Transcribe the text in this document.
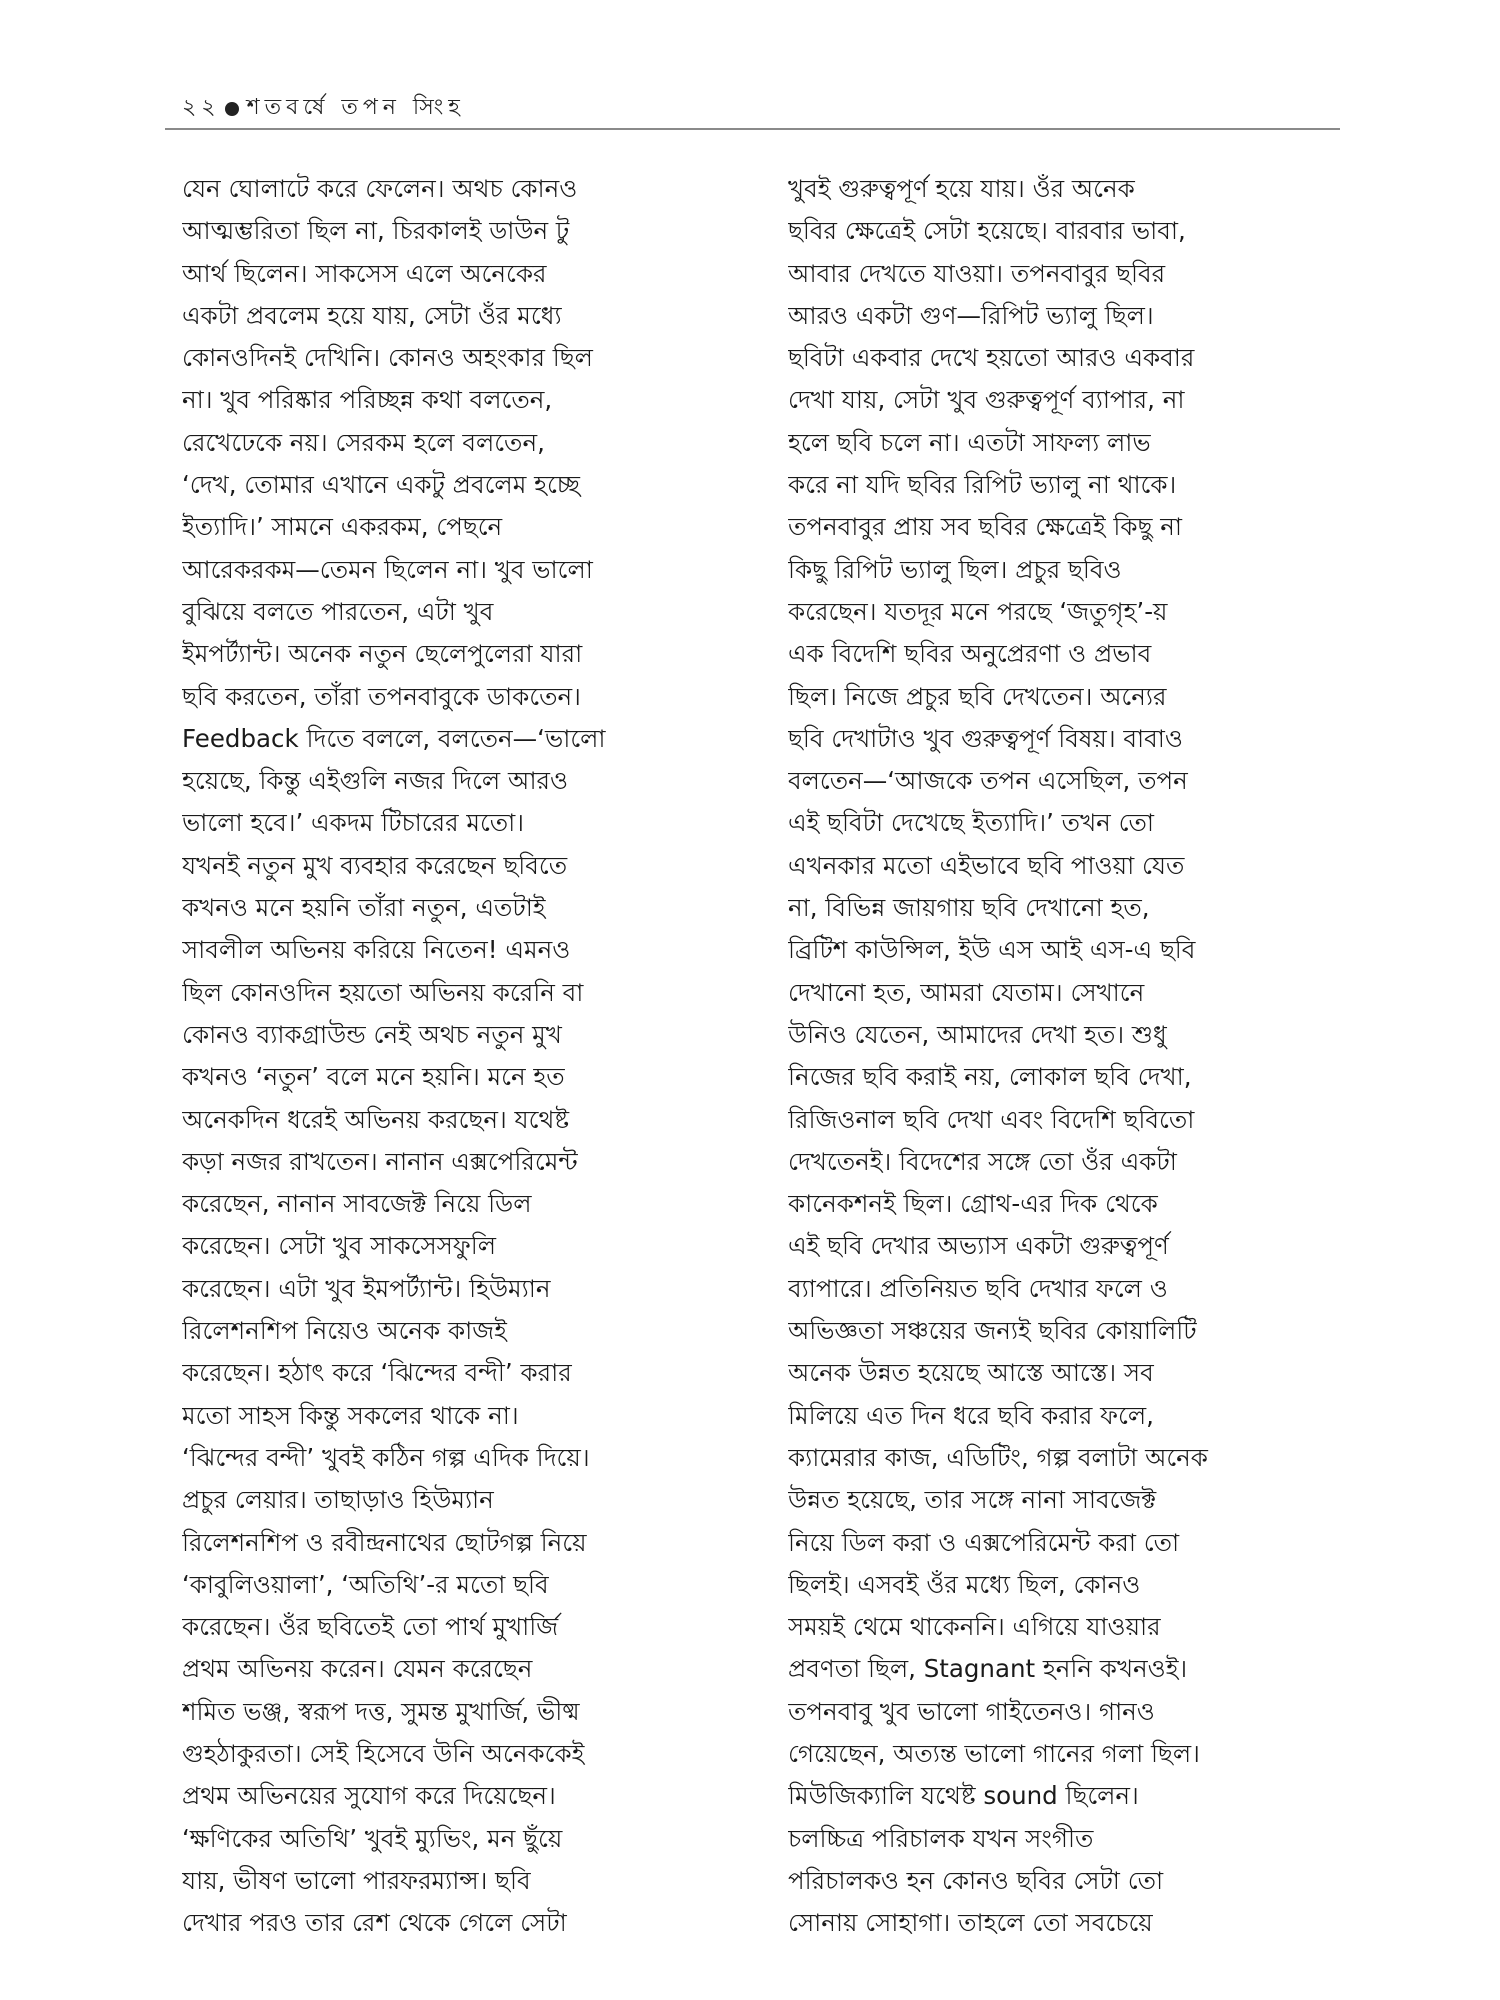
২২ শতবর্ষে তপন সিংহ
যেন ঘোলাটে করে ফেলেন। অথচ কোনও
আত্মম্ভরিতা ছিল না, চিরকালই ডাউন টু
আর্থ ছিলেন। সাকসেস এলে অনেকের
একটা প্রবলেম হয়ে যায়, সেটা ওঁর মধ্যে
কোনওদিনই দেখিনি। কোনও অহংকার ছিল
না। খুব পরিষ্কার পরিচ্ছন্ন কথা বলতেন,
রেখেঢেকে নয়। সেরকম হলে বলতেন,
‘দেখ, তোমার এখানে একটু প্রবলেম হচ্ছে
ইত্যাদি।’ সামনে একরকম, পেছনে
আরেকরকম—তেমন ছিলেন না। খুব ভালো
বুঝিয়ে বলতে পারতেন, এটা খুব
ইমপর্ট্যান্ট। অনেক নতুন ছেলেপুলেরা যারা
ছবি করতেন, তাঁরা তপনবাবুকে ডাকতেন।
Feedback দিতে বললে, বলতেন—‘ভালো
হয়েছে, কিন্তু এইগুলি নজর দিলে আরও
ভালো হবে।’ একদম টিচারের মতো।
যখনই নতুন মুখ ব্যবহার করেছেন ছবিতে
কখনও মনে হয়নি তাঁরা নতুন, এতটাই
সাবলীল অভিনয় করিয়ে নিতেন! এমনও
ছিল কোনওদিন হয়তো অভিনয় করেনি বা
কোনও ব্যাকগ্রাউন্ড নেই অথচ নতুন মুখ
কখনও ‘নতুন’ বলে মনে হয়নি। মনে হত
অনেকদিন ধরেই অভিনয় করছেন। যথেষ্ট
কড়া নজর রাখতেন। নানান এক্সপেরিমেন্ট
করেছেন, নানান সাবজেক্ট নিয়ে ডিল
করেছেন। সেটা খুব সাকসেসফুলি
করেছেন। এটা খুব ইমপর্ট্যান্ট। হিউম্যান
রিলেশনশিপ নিয়েও অনেক কাজই
করেছেন। হঠাৎ করে ‘ঝিন্দের বন্দী’ করার
মতো সাহস কিন্তু সকলের থাকে না।
‘ঝিন্দের বন্দী’ খুবই কঠিন গল্প এদিক দিয়ে।
প্রচুর লেয়ার। তাছাড়াও হিউম্যান
রিলেশনশিপ ও রবীন্দ্রনাথের ছোটগল্প নিয়ে
‘কাবুলিওয়ালা’, ‘অতিথি’-র মতো ছবি
করেছেন। ওঁর ছবিতেই তো পার্থ মুখার্জি
প্রথম অভিনয় করেন। যেমন করেছেন
শমিত ভঞ্জ, স্বরূপ দত্ত, সুমন্ত মুখার্জি, ভীষ্ম
গুহঠাকুরতা। সেই হিসেবে উনি অনেককেই
প্রথম অভিনয়ের সুযোগ করে দিয়েছেন।
‘ক্ষণিকের অতিথি’ খুবই ম্যুভিং, মন ছুঁয়ে
যায়, ভীষণ ভালো পারফরম্যান্স। ছবি
দেখার পরও তার রেশ থেকে গেলে সেটা
খুবই গুরুত্বপূর্ণ হয়ে যায়। ওঁর অনেক
ছবির ক্ষেত্রেই সেটা হয়েছে। বারবার ভাবা,
আবার দেখতে যাওয়া। তপনবাবুর ছবির
আরও একটা গুণ—রিপিট ভ্যালু ছিল।
ছবিটা একবার দেখে হয়তো আরও একবার
দেখা যায়, সেটা খুব গুরুত্বপূর্ণ ব্যাপার, না
হলে ছবি চলে না। এতটা সাফল্য লাভ
করে না যদি ছবির রিপিট ভ্যালু না থাকে।
তপনবাবুর প্রায় সব ছবির ক্ষেত্রেই কিছু না
কিছু রিপিট ভ্যালু ছিল। প্রচুর ছবিও
করেছেন। যতদূর মনে পরছে ‘জতুগৃহ’-য়
এক বিদেশি ছবির অনুপ্রেরণা ও প্রভাব
ছিল। নিজে প্রচুর ছবি দেখতেন। অন্যের
ছবি দেখাটাও খুব গুরুত্বপূর্ণ বিষয়। বাবাও
বলতেন—‘আজকে তপন এসেছিল, তপন
এই ছবিটা দেখেছে ইত্যাদি।’ তখন তো
এখনকার মতো এইভাবে ছবি পাওয়া যেত
না, বিভিন্ন জায়গায় ছবি দেখানো হত,
ব্রিটিশ কাউন্সিল, ইউ এস আই এস-এ ছবি
দেখানো হত, আমরা যেতাম। সেখানে
উনিও যেতেন, আমাদের দেখা হত। শুধু
নিজের ছবি করাই নয়, লোকাল ছবি দেখা,
রিজিওনাল ছবি দেখা এবং বিদেশি ছবিতো
দেখতেনই। বিদেশের সঙ্গে তো ওঁর একটা
কানেকশনই ছিল। গ্রোথ-এর দিক থেকে
এই ছবি দেখার অভ্যাস একটা গুরুত্বপূর্ণ
ব্যাপারে। প্রতিনিয়ত ছবি দেখার ফলে ও
অভিজ্ঞতা সঞ্চয়ের জন্যই ছবির কোয়ালিটি
অনেক উন্নত হয়েছে আস্তে আস্তে। সব
মিলিয়ে এত দিন ধরে ছবি করার ফলে,
ক্যামেরার কাজ, এডিটিং, গল্প বলাটা অনেক
উন্নত হয়েছে, তার সঙ্গে নানা সাবজেক্ট
নিয়ে ডিল করা ও এক্সপেরিমেন্ট করা তো
ছিলই। এসবই ওঁর মধ্যে ছিল, কোনও
সময়ই থেমে থাকেননি। এগিয়ে যাওয়ার
প্রবণতা ছিল, Stagnant হননি কখনওই।
তপনবাবু খুব ভালো গাইতেনও। গানও
গেয়েছেন, অত্যন্ত ভালো গানের গলা ছিল।
মিউজিক্যালি যথেষ্ট sound ছিলেন।
চলচ্চিত্র পরিচালক যখন সংগীত
পরিচালকও হন কোনও ছবির সেটা তো
সোনায় সোহাগা। তাহলে তো সবচেয়ে
